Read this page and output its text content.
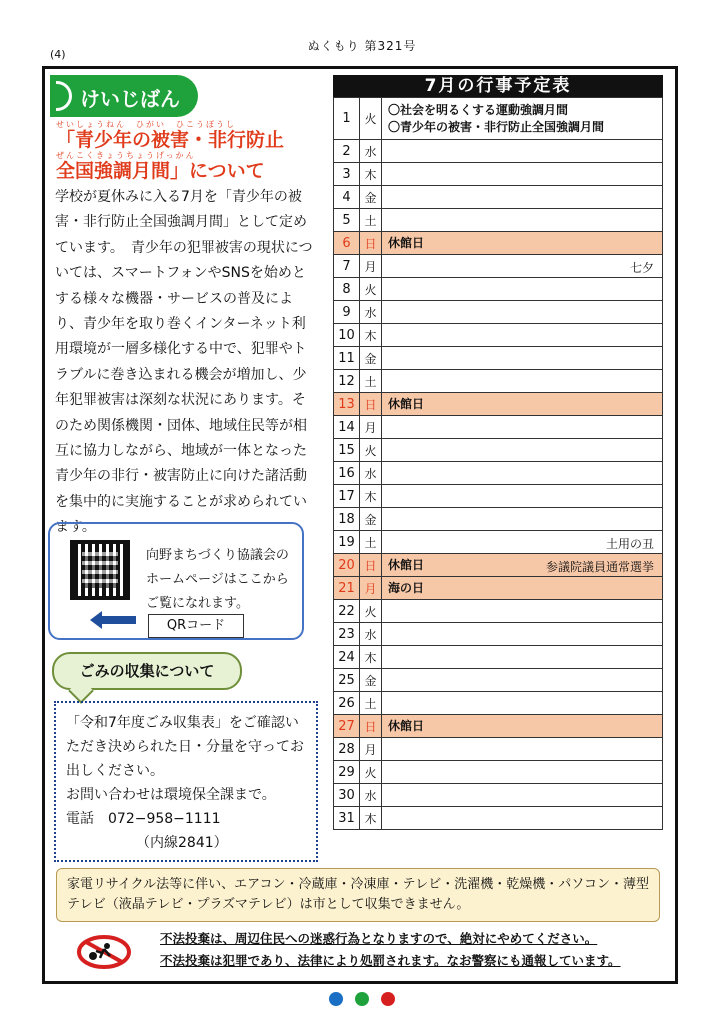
ぬくもり 第321号
(4)
けいじばん
せいしょうねん　ひがい　ひこうぼうし
「青少年の被害・非行防止
ぜんこくきょうちょうげっかん
全国強調月間」について
学校が夏休みに入る7月を「青少年の被害・非行防止全国強調月間」として定めています。　青少年の犯罪被害の現状については、スマートフォンやSNSを始めとする様々な機器・サービスの普及により、青少年を取り巻くインターネット利用環境が一層多様化する中で、犯罪やトラブルに巻き込まれる機会が増加し、少年犯罪被害は深刻な状況にあります。そのため関係機関・団体、地域住民等が相互に協力しながら、地域が一体となった青少年の非行・被害防止に向けた諸活動を集中的に実施することが求められています。
向野まちづくり協議会のホームページはここからご覧になれます。
QRコード
ごみの収集について
「令和7年度ごみ収集表」をご確認いただき決められた日・分量を守ってお出しください。
お問い合わせは環境保全課まで。
電話　072−958−1111
（内線2841）
7月の行事予定表
1	火	〇社会を明るくする運動強調月間
〇青少年の被害・非行防止全国強調月間

2	水	
3	木	
4	金	
5	土	
6	日	休館日

7	月	七夕

8	火	
9	水	
10	木	
11	金	
12	土	
13	日	休館日

14	月	
15	火	
16	水	
17	木	
18	金	
19	土	土用の丑

20	日	休館日 参議院議員通常選挙

21	月	海の日

22	火	
23	水	
24	木	
25	金	
26	土	
27	日	休館日

28	月	
29	火	
30	水	
31	木	
家電リサイクル法等に伴い、エアコン・冷蔵庫・冷凍庫・テレビ・洗濯機・乾燥機・パソコン・薄型テレビ（液晶テレビ・プラズマテレビ）は市として収集できません。
不法投棄は、周辺住民への迷惑行為となりますので、絶対にやめてください。
不法投棄は犯罪であり、法律により処罰されます。なお警察にも通報しています。
